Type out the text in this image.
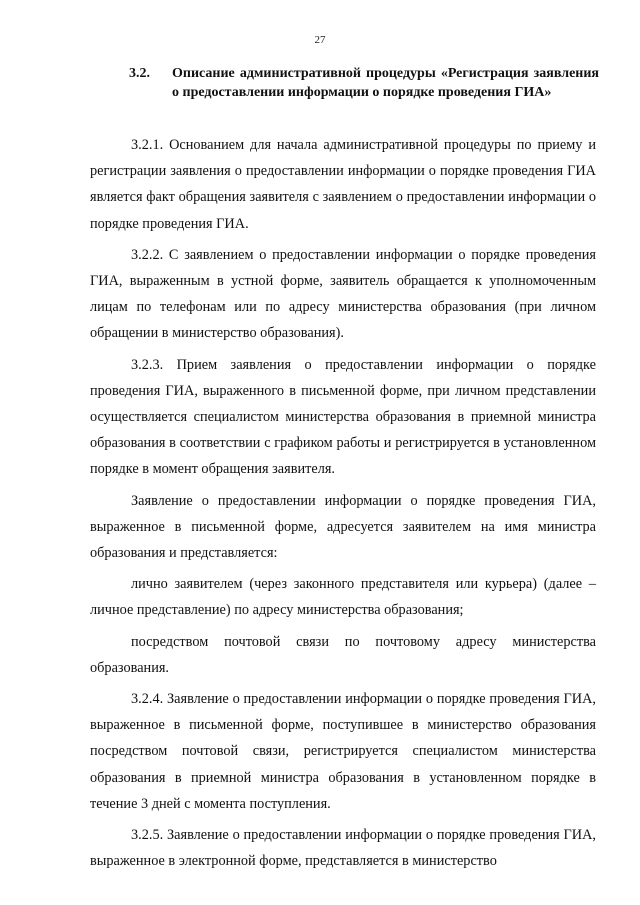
27
3.2.	Описание административной процедуры «Регистрация заявления о предоставлении информации о порядке проведения ГИА»

3.2.1. Основанием для начала административной процедуры по приему и регистрации заявления о предоставлении информации о порядке проведения ГИА является факт обращения заявителя с заявлением о предоставлении информации о порядке проведения ГИА.

3.2.2. С заявлением о предоставлении информации о порядке проведения ГИА, выраженным в устной форме, заявитель обращается к уполномоченным лицам по телефонам или по адресу министерства образования (при личном обращении в министерство образования).

3.2.3. Прием заявления о предоставлении информации о порядке проведения ГИА, выраженного в письменной форме, при личном представлении осуществляется специалистом министерства образования в приемной министра образования в соответствии с графиком работы и регистрируется в установленном порядке в момент обращения заявителя.

Заявление о предоставлении информации о порядке проведения ГИА, выраженное в письменной форме, адресуется заявителем на имя министра образования и представляется:

лично заявителем (через законного представителя или курьера) (далее – личное представление) по адресу министерства образования;

посредством почтовой связи по почтовому адресу министерства образования.

3.2.4. Заявление о предоставлении информации о порядке проведения ГИА, выраженное в письменной форме, поступившее в министерство образования посредством почтовой связи, регистрируется специалистом министерства образования в приемной министра образования в установленном порядке в течение 3 дней с момента поступления.

3.2.5. Заявление о предоставлении информации о порядке проведения ГИА, выраженное в электронной форме, представляется в министерство
